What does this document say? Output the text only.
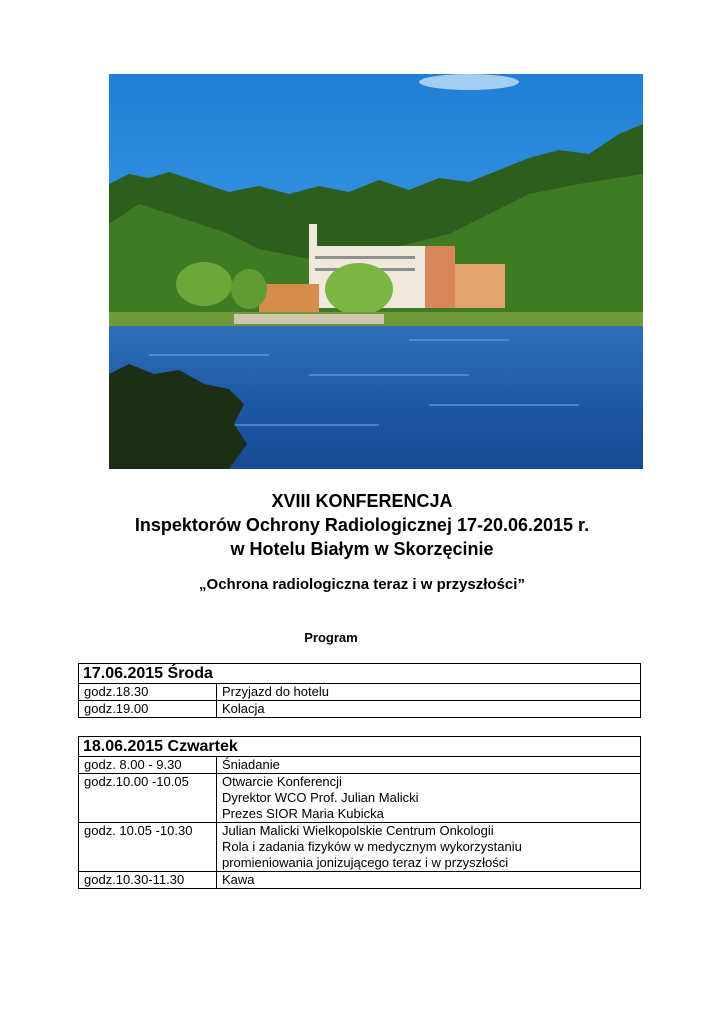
XVIII KONFERENCJA
Inspektorów Ochrony Radiologicznej 17-20.06.2015 r.
w Hotelu Białym w Skorzęcinie
„Ochrona radiologiczna teraz i w przyszłości”
Program
17.06.2015 Środa	
godz.18.30	Przyjazd do hotelu

godz.19.00	Kolacja
18.06.2015 Czwartek	
godz. 8.00 - 9.30	Śniadanie

godz.10.00 -10.05	Otwarcie Konferencji
Dyrektor WCO Prof. Julian Malicki
Prezes SIOR Maria Kubicka

godz. 10.05 -10.30	Julian Malicki Wielkopolskie Centrum Onkologii
Rola i zadania fizyków w medycznym wykorzystaniu
promieniowania jonizującego teraz i w przyszłości

godz.10.30-11.30	Kawa
